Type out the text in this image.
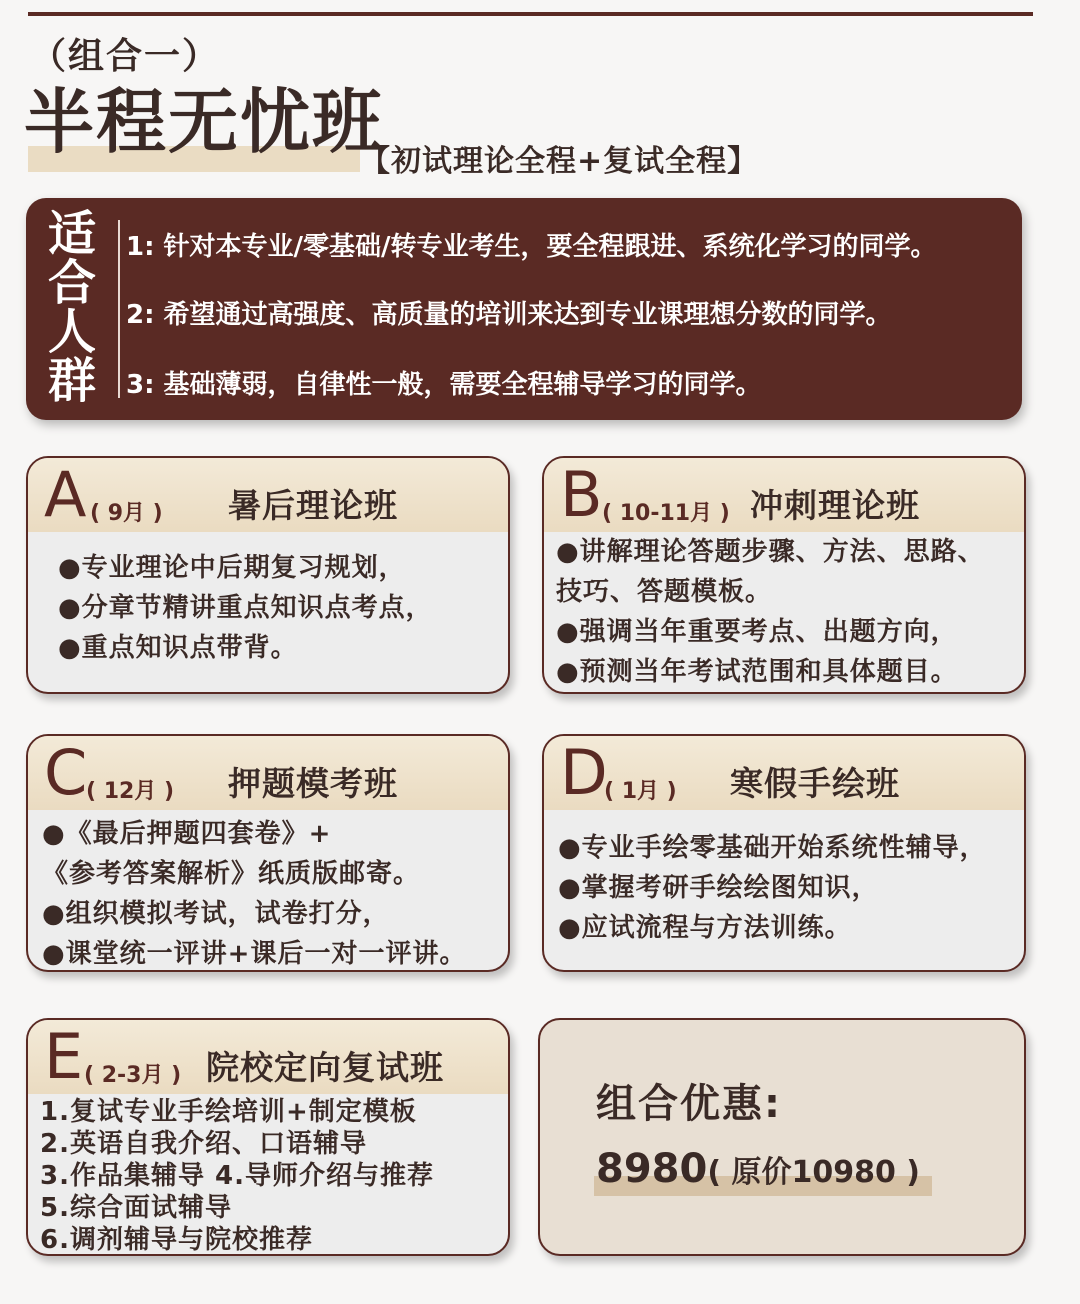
（组合一）
半程无忧班
【初试理论全程+复试全程】
适
合
人
群
1: 针对本专业/零基础/转专业考生，要全程跟进、系统化学习的同学。
2: 希望通过高强度、高质量的培训来达到专业课理想分数的同学。
3: 基础薄弱，自律性一般，需要全程辅导学习的同学。
A ( 9月 ) 暑后理论班
●专业理论中后期复习规划，
●分章节精讲重点知识点考点，
●重点知识点带背。
B ( 10-11月 ) 冲刺理论班
●讲解理论答题步骤、方法、思路、
技巧、答题模板。
●强调当年重要考点、出题方向，
●预测当年考试范围和具体题目。
C
( 12月 ) 押题模考班
●《最后押题四套卷》+
《参考答案解析》纸质版邮寄。
●组织模拟考试，试卷打分，
●课堂统一评讲+课后一对一评讲。
D
( 1月 ) 寒假手绘班
●专业手绘零基础开始系统性辅导，
●掌握考研手绘绘图知识，
●应试流程与方法训练。
E ( 2-3月 ) 院校定向复试班
1.复试专业手绘培训+制定模板
2.英语自我介绍、口语辅导
3.作品集辅导 4.导师介绍与推荐
5.综合面试辅导
6.调剂辅导与院校推荐
组合优惠:
8980( 原价10980 )
